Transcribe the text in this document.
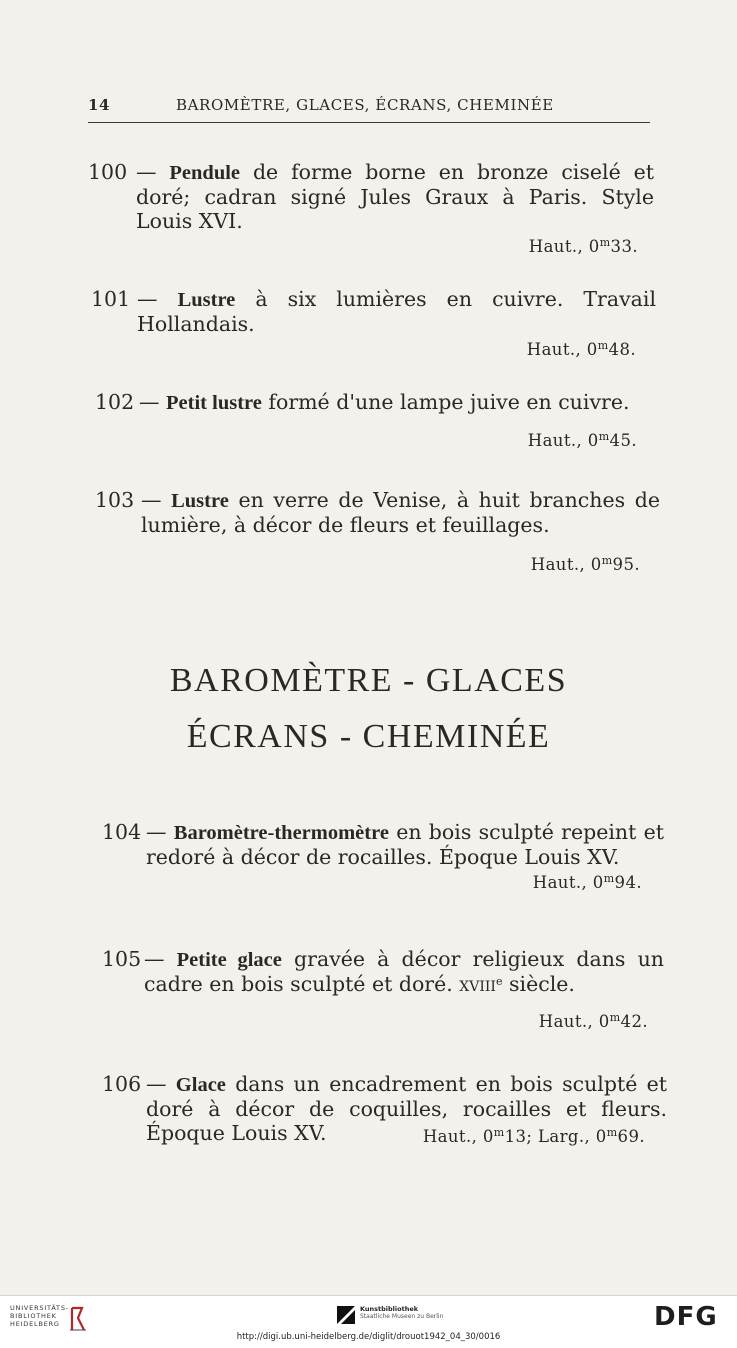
14	BAROMÈTRE, GLACES, ÉCRANS, CHEMINÉE
100 — Pendule de forme borne en bronze ciselé et doré; cadran signé Jules Graux à Paris. Style Louis XVI.
Haut., 0$^m$33.
101 — Lustre à six lumières en cuivre. Travail Hollandais.
Haut., 0$^m$48.
102 — Petit lustre formé d'une lampe juive en cuivre.
Haut., 0$^m$45.
103 — Lustre en verre de Venise, à huit branches de lumière, à décor de fleurs et feuillages.
Haut., 0$^m$95.
BAROMÈTRE - GLACES
ÉCRANS - CHEMINÉE
104 — Baromètre-thermomètre en bois sculpté repeint et redoré à décor de rocailles. Époque Louis XV.
Haut., 0$^m$94.
105 — Petite glace gravée à décor religieux dans un cadre en bois sculpté et doré. xviii$^e$ siècle.
Haut., 0$^m$42.
106 — Glace dans un encadrement en bois sculpté et doré à décor de coquilles, rocailles et fleurs. Époque Louis XV.	Haut., 0$^m$13; Larg., 0$^m$69.
UNIVERSITÄTS-
BIBLIOTHEK
HEIDELBERG
Kunstbibliothek
Staatliche Museen zu Berlin	DFG
http://digi.ub.uni-heidelberg.de/diglit/drouot1942_04_30/0016
